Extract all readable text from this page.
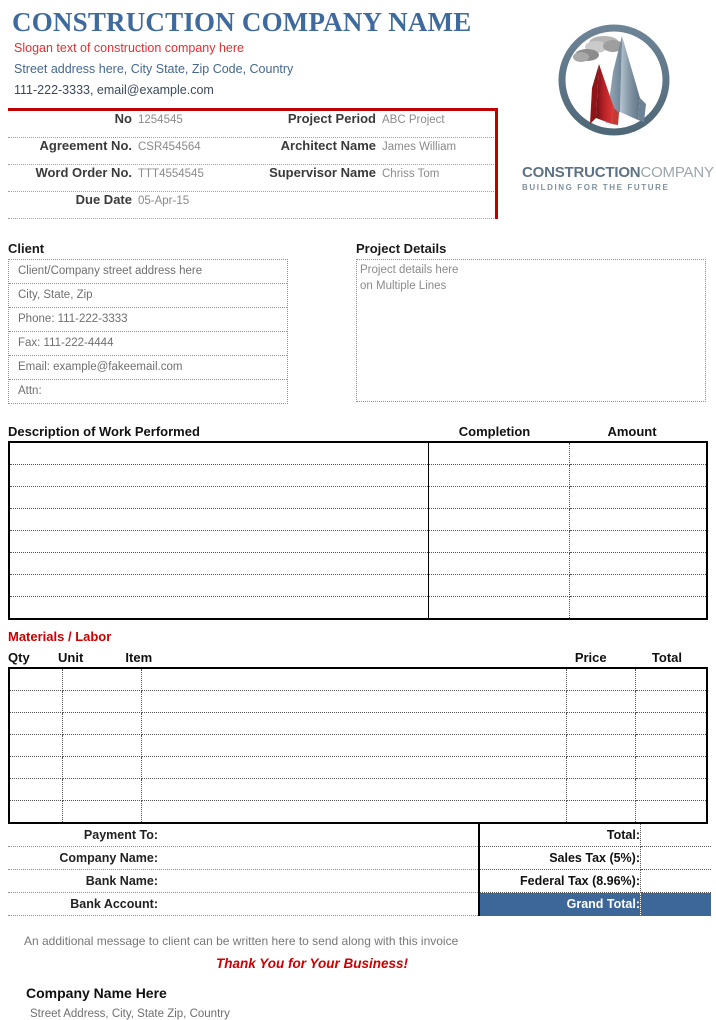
CONSTRUCTION COMPANY NAME
Slogan text of construction company here
Street address here, City State, Zip Code, Country
111-222-3333, email@example.com
CONSTRUCTIONCOMPANY
BUILDING FOR THE FUTURE
No 1254545	Project Period ABC Project
Agreement No. CSR454564	Architect Name James William
Word Order No. TTT4554545	Supervisor Name Chriss Tom
Due Date 05-Apr-15
Client
Client/Company street address here
City, State, Zip
Phone: 111-222-3333
Fax: 111-222-4444
Email: example@fakeemail.com
Attn:
Project Details
Project details here
on Multiple Lines
Description of Work Performed	Completion	Amount

Materials / Labor
Qty	Unit	Item	Price	Total

Payment To:
Company Name:
Bank Name:
Bank Account:
Total:	
Sales Tax (5%):	
Federal Tax (8.96%):	
Grand Total:	
An additional message to client can be written here to send along with this invoice
Thank You for Your Business!
Company Name Here
Street Address, City, State Zip, Country
